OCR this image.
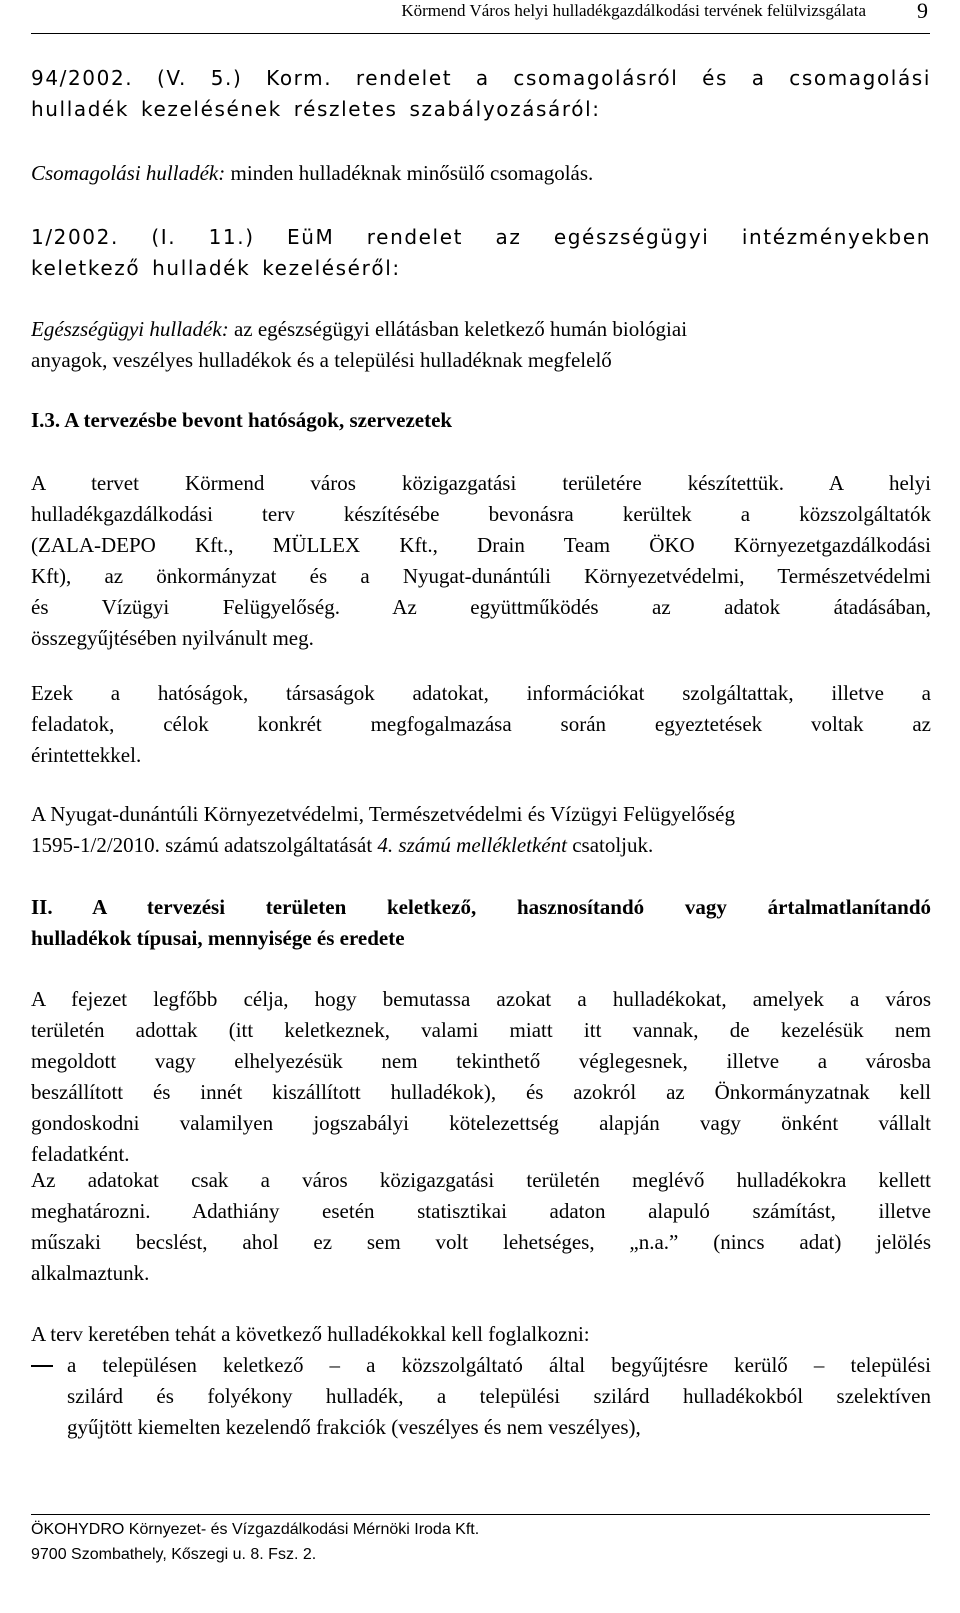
Körmend Város helyi hulladékgazdálkodási tervének felülvizsgálata 9
94/2002. (V. 5.) Korm. rendelet a csomagolásról és a csomagolási
hulladék kezelésének részletes szabályozásáról:
Csomagolási hulladék: minden hulladéknak minősülő csomagolás.
1/2002. (I. 11.) EüM rendelet az egészségügyi intézményekben
keletkező hulladék kezeléséről:
Egészségügyi hulladék: az egészségügyi ellátásban keletkező humán biológiai
anyagok, veszélyes hulladékok és a települési hulladéknak megfelelő
I.3. A tervezésbe bevont hatóságok, szervezetek
A tervet Körmend város közigazgatási területére készítettük. A helyi
hulladékgazdálkodási terv készítésébe bevonásra kerültek a közszolgáltatók
(ZALA-DEPO Kft., MÜLLEX Kft., Drain Team ÖKO Környezetgazdálkodási
Kft), az önkormányzat és a Nyugat-dunántúli Környezetvédelmi, Természetvédelmi
és Vízügyi Felügyelőség. Az együttműködés az adatok átadásában,
összegyűjtésében nyilvánult meg.
Ezek a hatóságok, társaságok adatokat, információkat szolgáltattak, illetve a
feladatok, célok konkrét megfogalmazása során egyeztetések voltak az
érintettekkel.
A Nyugat-dunántúli Környezetvédelmi, Természetvédelmi és Vízügyi Felügyelőség
1595-1/2/2010. számú adatszolgáltatását 4. számú mellékletként csatoljuk.
II. A tervezési területen keletkező, hasznosítandó vagy ártalmatlanítandó
hulladékok típusai, mennyisége és eredete
A fejezet legfőbb célja, hogy bemutassa azokat a hulladékokat, amelyek a város
területén adottak (itt keletkeznek, valami miatt itt vannak, de kezelésük nem
megoldott vagy elhelyezésük nem tekinthető véglegesnek, illetve a városba
beszállított és innét kiszállított hulladékok), és azokról az Önkormányzatnak kell
gondoskodni valamilyen jogszabályi kötelezettség alapján vagy önként vállalt
feladatként.
Az adatokat csak a város közigazgatási területén meglévő hulladékokra kellett
meghatározni. Adathiány esetén statisztikai adaton alapuló számítást, illetve
műszaki becslést, ahol ez sem volt lehetséges, „n.a.” (nincs adat) jelölés
alkalmaztunk.
A terv keretében tehát a következő hulladékokkal kell foglalkozni:
a településen keletkező – a közszolgáltató által begyűjtésre kerülő – települési
szilárd és folyékony hulladék, a települési szilárd hulladékokból szelektíven
gyűjtött kiemelten kezelendő frakciók (veszélyes és nem veszélyes),
ÖKOHYDRO Környezet- és Vízgazdálkodási Mérnöki Iroda Kft.
9700 Szombathely, Kőszegi u. 8. Fsz. 2.
